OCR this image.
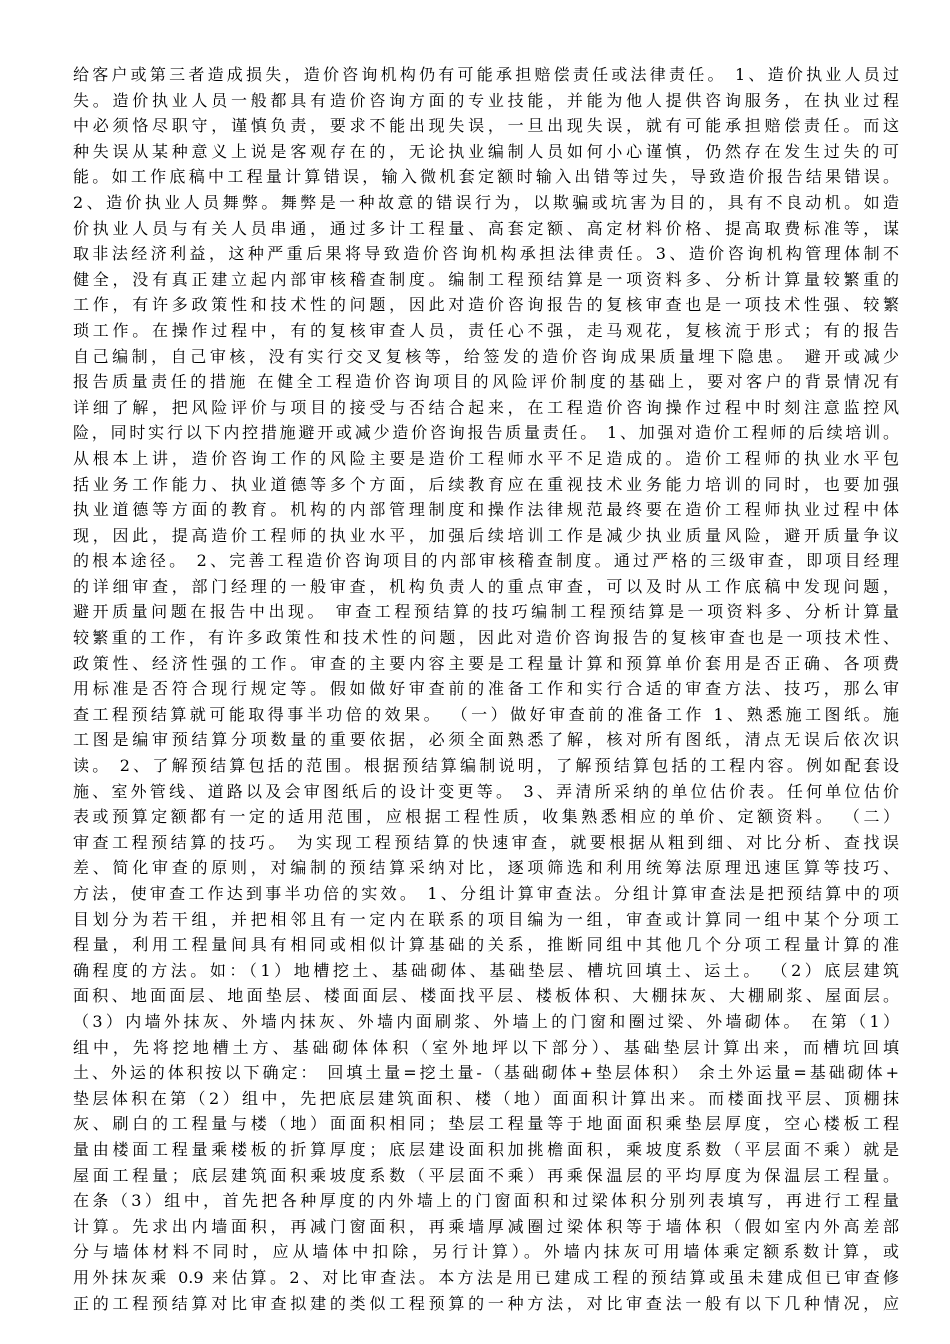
给客户或第三者造成损失，造价咨询机构仍有可能承担赔偿责任或法律责任。 1、造价执业人员过
失。造价执业人员一般都具有造价咨询方面的专业技能，并能为他人提供咨询服务，在执业过程
中必须恪尽职守，谨慎负责，要求不能出现失误，一旦出现失误，就有可能承担赔偿责任。而这
种失误从某种意义上说是客观存在的，无论执业编制人员如何小心谨慎，仍然存在发生过失的可
能。如工作底稿中工程量计算错误，输入微机套定额时输入出错等过失，导致造价报告结果错误。
2、造价执业人员舞弊。舞弊是一种故意的错误行为，以欺骗或坑害为目的，具有不良动机。如造
价执业人员与有关人员串通，通过多计工程量、高套定额、高定材料价格、提高取费标准等，谋
取非法经济利益，这种严重后果将导致造价咨询机构承担法律责任。3、造价咨询机构管理体制不
健全，没有真正建立起内部审核稽查制度。编制工程预结算是一项资料多、分析计算量较繁重的
工作，有许多政策性和技术性的问题，因此对造价咨询报告的复核审查也是一项技术性强、较繁
琐工作。在操作过程中，有的复核审查人员，责任心不强，走马观花，复核流于形式；有的报告
自己编制，自己审核，没有实行交叉复核等，给签发的造价咨询成果质量埋下隐患。 避开或减少
报告质量责任的措施 在健全工程造价咨询项目的风险评价制度的基础上，要对客户的背景情况有
详细了解，把风险评价与项目的接受与否结合起来，在工程造价咨询操作过程中时刻注意监控风
险，同时实行以下内控措施避开或减少造价咨询报告质量责任。 1、加强对造价工程师的后续培训。
从根本上讲，造价咨询工作的风险主要是造价工程师水平不足造成的。造价工程师的执业水平包
括业务工作能力、执业道德等多个方面，后续教育应在重视技术业务能力培训的同时，也要加强
执业道德等方面的教育。机构的内部管理制度和操作法律规范最终要在造价工程师执业过程中体
现，因此，提高造价工程师的执业水平，加强后续培训工作是减少执业质量风险，避开质量争议
的根本途径。 2、完善工程造价咨询项目的内部审核稽查制度。通过严格的三级审查，即项目经理
的详细审查，部门经理的一般审查，机构负责人的重点审查，可以及时从工作底稿中发现问题，
避开质量问题在报告中出现。 审查工程预结算的技巧编制工程预结算是一项资料多、分析计算量
较繁重的工作，有许多政策性和技术性的问题，因此对造价咨询报告的复核审查也是一项技术性、
政策性、经济性强的工作。审查的主要内容主要是工程量计算和预算单价套用是否正确、各项费
用标准是否符合现行规定等。假如做好审查前的准备工作和实行合适的审查方法、技巧，那么审
查工程预结算就可能取得事半功倍的效果。 （一）做好审查前的准备工作 1、熟悉施工图纸。施
工图是编审预结算分项数量的重要依据，必须全面熟悉了解，核对所有图纸，清点无误后依次识
读。 2、了解预结算包括的范围。根据预结算编制说明，了解预结算包括的工程内容。例如配套设
施、室外管线、道路以及会审图纸后的设计变更等。 3、弄清所采纳的单位估价表。任何单位估价
表或预算定额都有一定的适用范围，应根据工程性质，收集熟悉相应的单价、定额资料。 （二）
审查工程预结算的技巧。 为实现工程预结算的快速审查，就要根据从粗到细、对比分析、查找误
差、简化审查的原则，对编制的预结算采纳对比，逐项筛选和利用统筹法原理迅速匡算等技巧、
方法，使审查工作达到事半功倍的实效。 1、分组计算审查法。分组计算审查法是把预结算中的项
目划分为若干组，并把相邻且有一定内在联系的项目编为一组，审查或计算同一组中某个分项工
程量，利用工程量间具有相同或相似计算基础的关系，推断同组中其他几个分项工程量计算的准
确程度的方法。如：（1）地槽挖土、基础砌体、基础垫层、槽坑回填土、运土。 （2）底层建筑
面积、地面面层、地面垫层、楼面面层、楼面找平层、楼板体积、大棚抹灰、大棚刷浆、屋面层。
（3）内墙外抹灰、外墙内抹灰、外墙内面刷浆、外墙上的门窗和圈过梁、外墙砌体。 在第（1）
组中，先将挖地槽土方、基础砌体体积（室外地坪以下部分）、基础垫层计算出来，而槽坑回填
土、外运的体积按以下确定： 回填土量=挖土量-（基础砌体+垫层体积） 余土外运量=基础砌体+
垫层体积在第（2）组中，先把底层建筑面积、楼（地）面面积计算出来。而楼面找平层、顶棚抹
灰、刷白的工程量与楼（地）面面积相同；垫层工程量等于地面面积乘垫层厚度，空心楼板工程
量由楼面工程量乘楼板的折算厚度；底层建设面积加挑檐面积，乘坡度系数（平层面不乘）就是
屋面工程量；底层建筑面积乘坡度系数（平层面不乘）再乘保温层的平均厚度为保温层工程量。
在条（3）组中，首先把各种厚度的内外墙上的门窗面积和过梁体积分别列表填写，再进行工程量
计算。先求出内墙面积，再减门窗面积，再乘墙厚减圈过梁体积等于墙体积（假如室内外高差部
分与墙体材料不同时，应从墙体中扣除，另行计算）。外墙内抹灰可用墙体乘定额系数计算，或
用外抹灰乘 0.9 来估算。2、对比审查法。本方法是用已建成工程的预结算或虽未建成但已审查修
正的工程预结算对比审查拟建的类似工程预算的一种方法，对比审查法一般有以下几种情况，应
